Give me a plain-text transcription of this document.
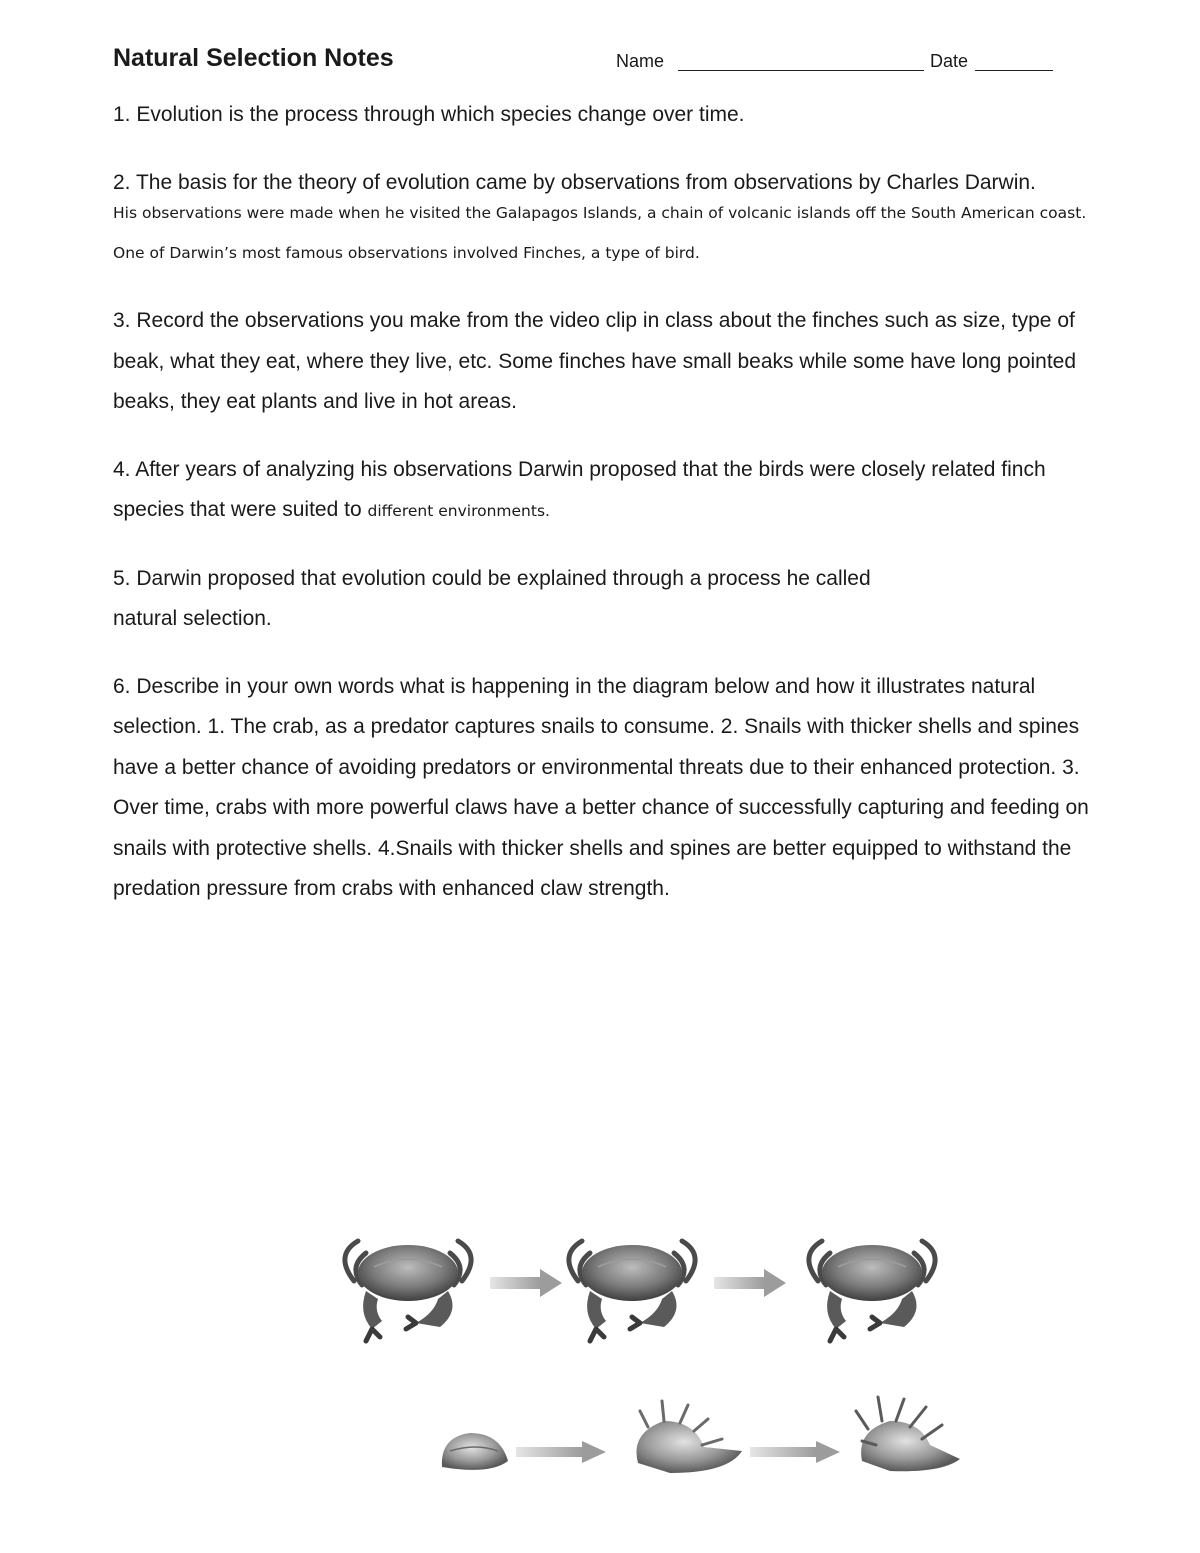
Natural Selection Notes	Name	Date

1. Evolution is the process through which species change over time.

2. The basis for the theory of evolution came by observations from observations by Charles Darwin.

His observations were made when he visited the Galapagos Islands, a chain of volcanic islands off the South American coast.

One of Darwin’s most famous observations involved Finches, a type of bird.

3. Record the observations you make from the video clip in class about the finches such as size, type of beak, what they eat, where they live, etc. Some finches have small beaks while some have long pointed beaks, they eat plants and live in hot areas.

4. After years of analyzing his observations Darwin proposed that the birds were closely related finch species that were suited to different environments.

5. Darwin proposed that evolution could be explained through a process he called
natural selection.

6. Describe in your own words what is happening in the diagram below and how it illustrates natural selection. 1. The crab, as a predator captures snails to consume. 2. Snails with thicker shells and spines have a better chance of avoiding predators or environmental threats due to their enhanced protection. 3. Over time, crabs with more powerful claws have a better chance of successfully capturing and feeding on snails with protective shells. 4.Snails with thicker shells and spines are better equipped to withstand the predation pressure from crabs with enhanced claw strength.
